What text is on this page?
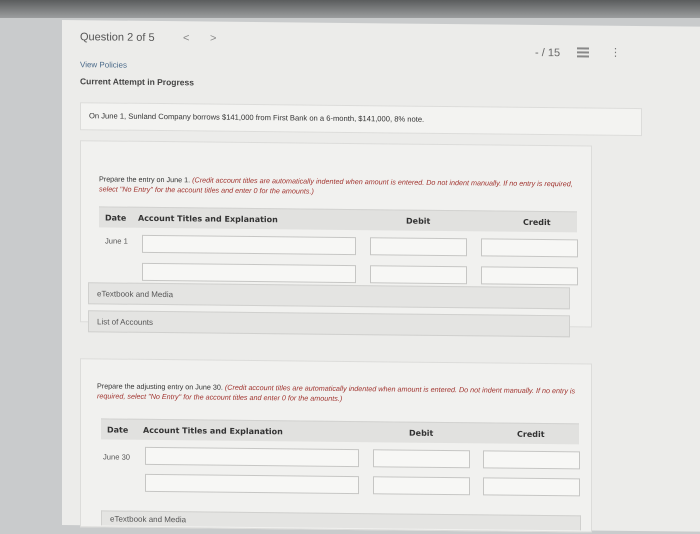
Question 2 of 5	< >
- / 15	⋮
View Policies
Current Attempt in Progress
On June 1, Sunland Company borrows $141,000 from First Bank on a 6-month, $141,000, 8% note.
Prepare the entry on June 1. (Credit account titles are automatically indented when amount is entered. Do not indent manually. If no entry is required, select "No Entry" for the account titles and enter 0 for the amounts.)
Date Account Titles and Explanation	Debit	Credit
June 1
eTextbook and Media
List of Accounts
Prepare the adjusting entry on June 30. (Credit account titles are automatically indented when amount is entered. Do not indent manually. If no entry is required, select "No Entry" for the account titles and enter 0 for the amounts.)
Date Account Titles and Explanation	Debit	Credit
June 30
eTextbook and Media
